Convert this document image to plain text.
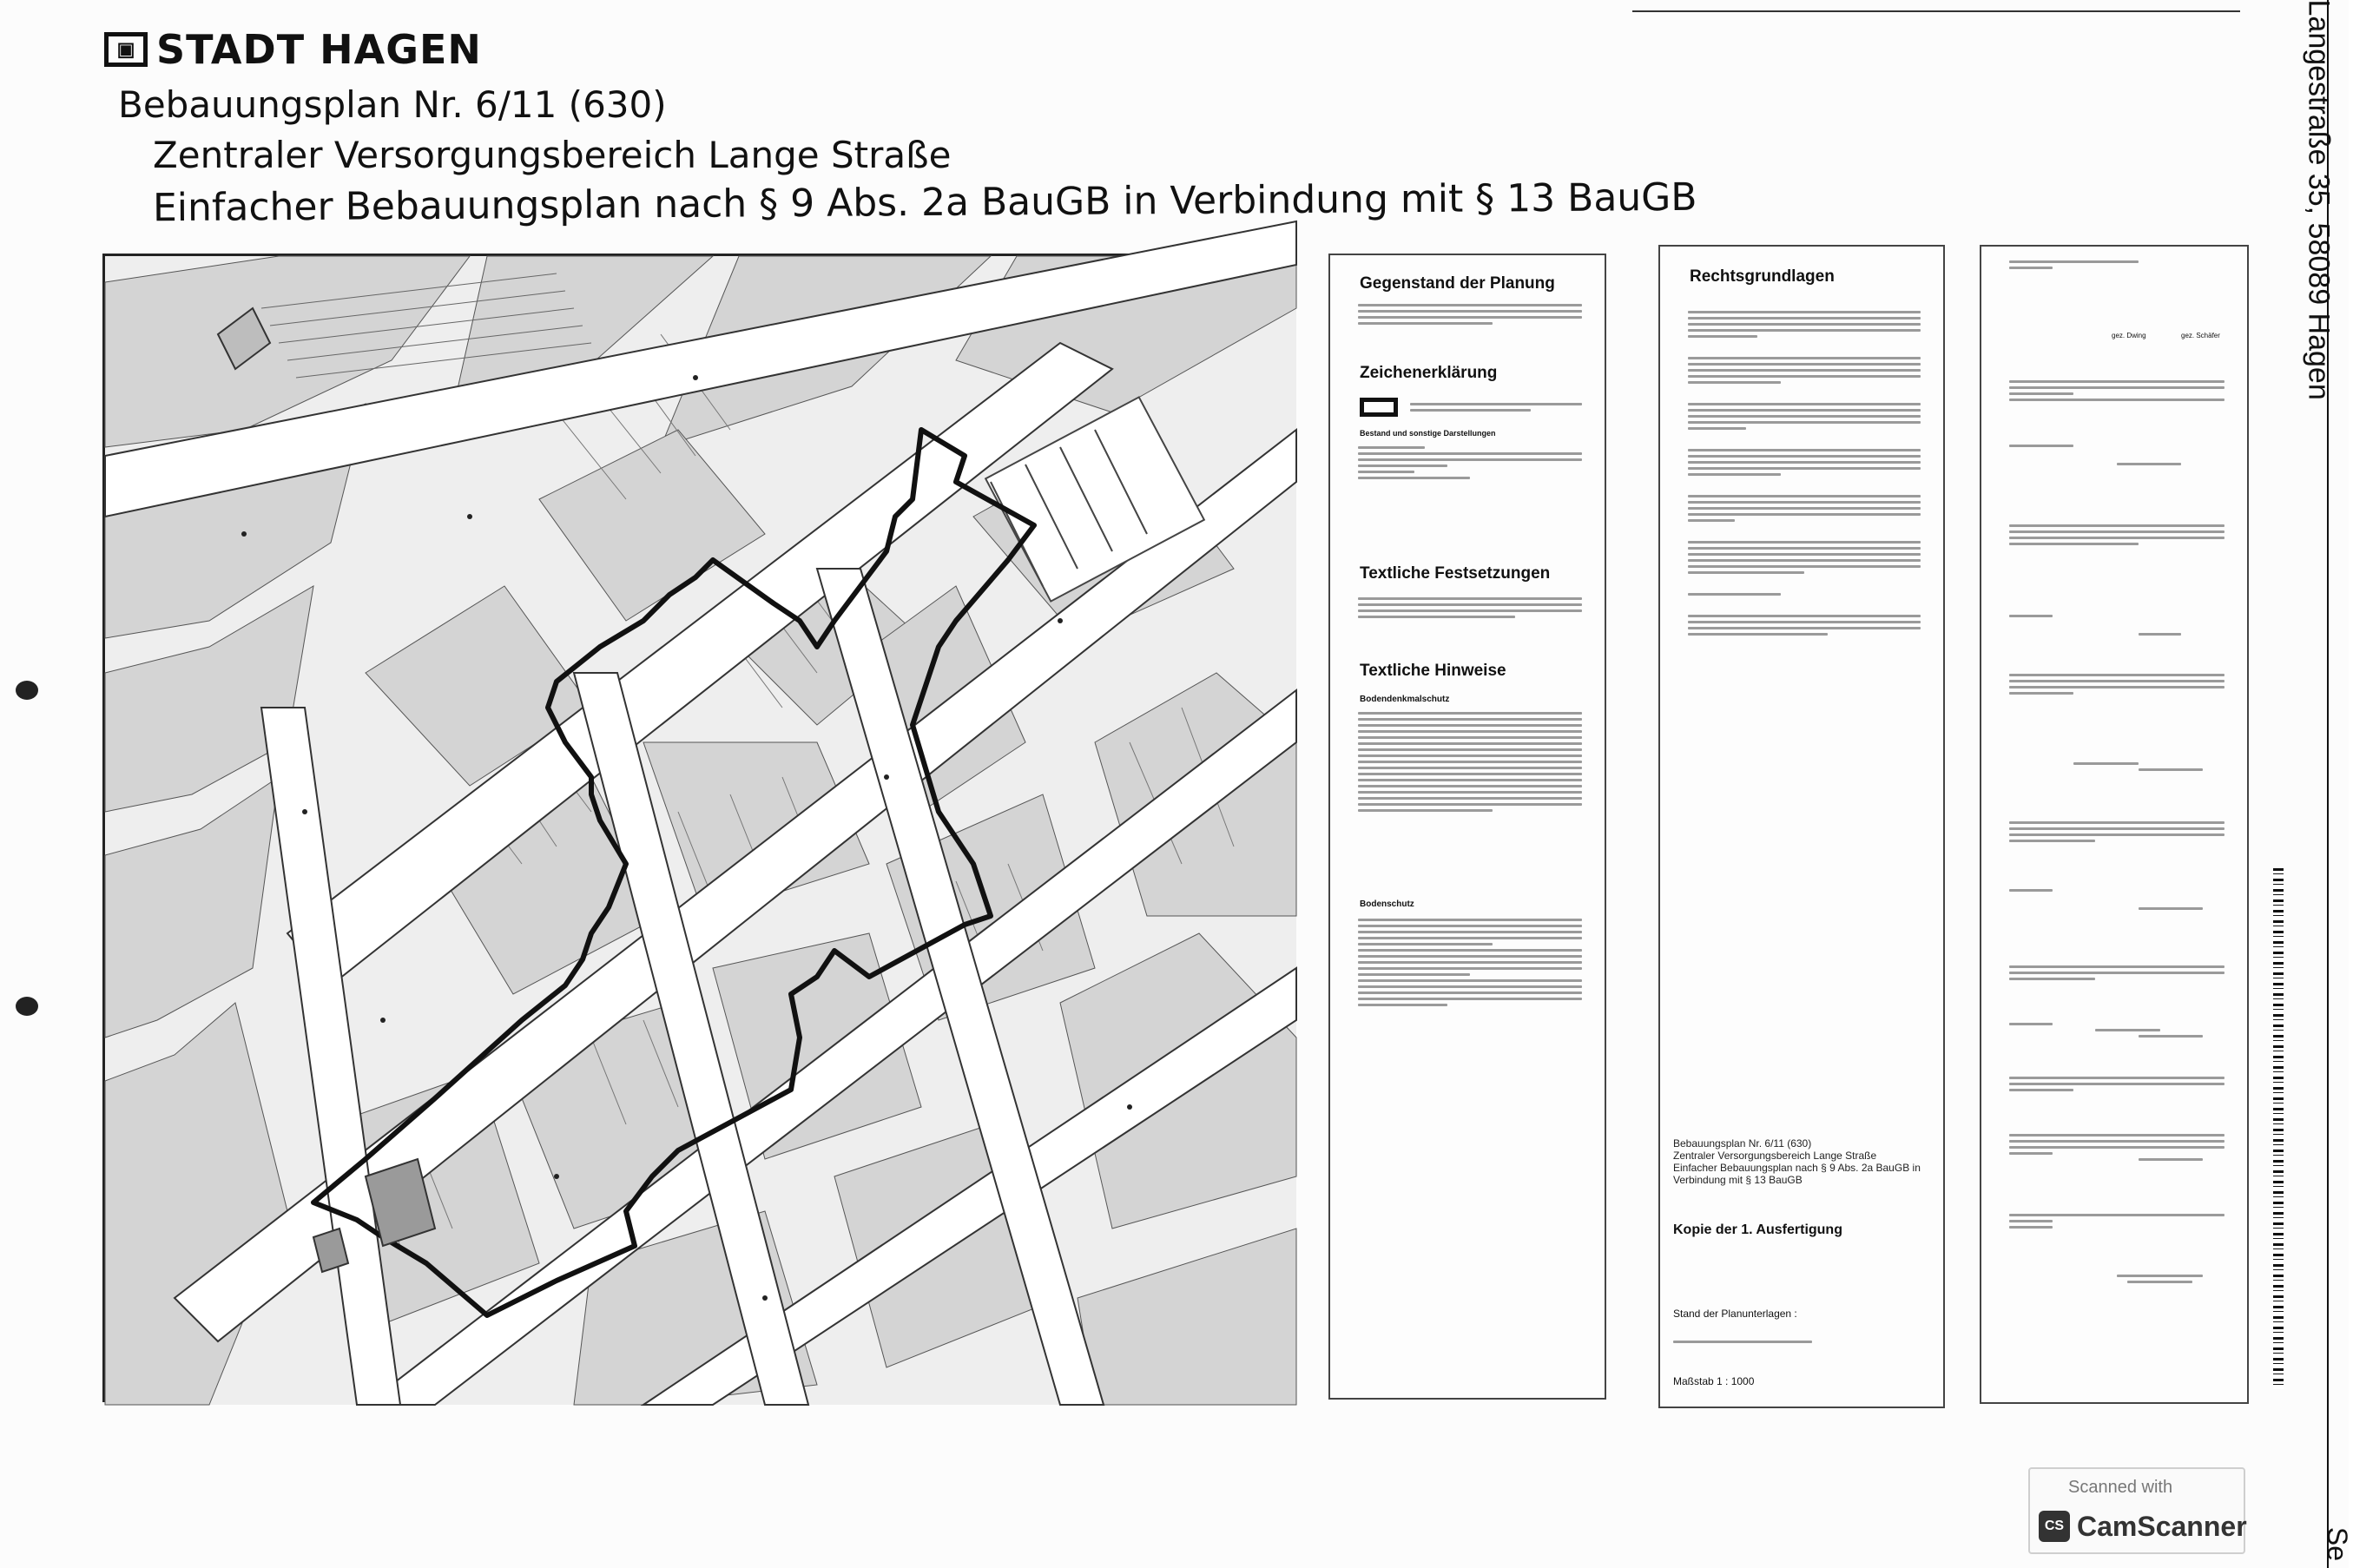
▣ STADT HAGEN
Bebauungsplan Nr. 6/11 (630)
Zentraler Versorgungsbereich Lange Straße
Einfacher Bebauungsplan nach § 9 Abs. 2a BauGB in Verbindung mit § 13 BauGB
Gegenstand der Planung
Zeichenerklärung
Bestand und sonstige Darstellungen
Textliche Festsetzungen
Textliche Hinweise
Bodendenkmalschutz
Bodenschutz
Rechtsgrundlagen
Bebauungsplan Nr. 6/11 (630)
Zentraler Versorgungsbereich Lange Straße
Einfacher Bebauungsplan nach § 9 Abs. 2a BauGB in
Verbindung mit § 13 BauGB
Kopie der 1. Ausfertigung
Stand der Planunterlagen :
Maßstab 1 : 1000
gez. Dwing	gez. Schäfer
Scanned with
CS CamScanner
Langestraße 35, 58089 Hagen
Se
